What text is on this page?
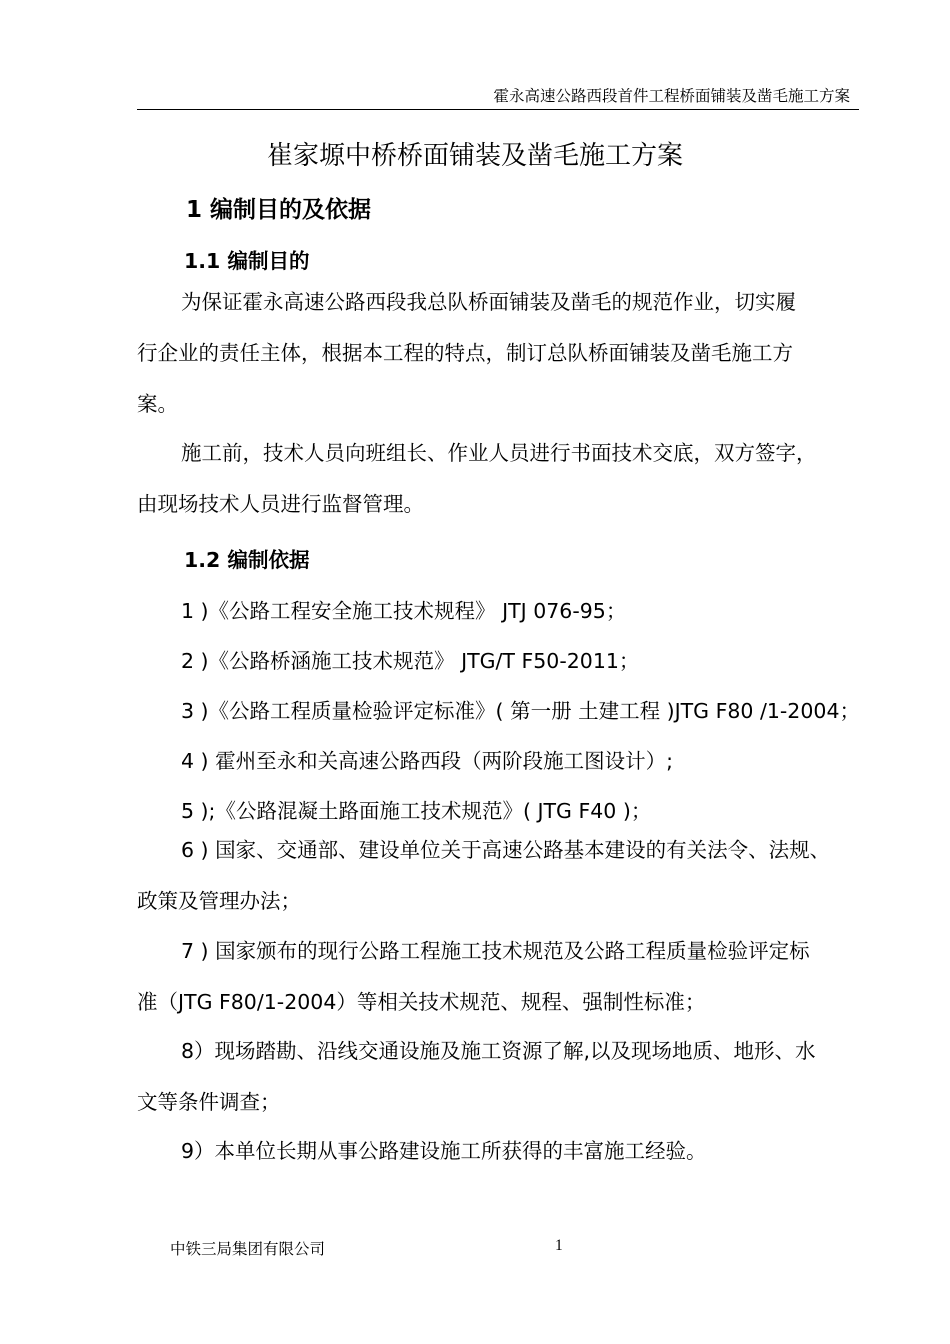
霍永高速公路西段首件工程桥面铺装及凿毛施工方案
崔家塬中桥桥面铺装及凿毛施工方案
1 编制目的及依据
1.1 编制目的
为保证霍永高速公路西段我总队桥面铺装及凿毛的规范作业，切实履
行企业的责任主体，根据本工程的特点，制订总队桥面铺装及凿毛施工方
案。
施工前，技术人员向班组长、作业人员进行书面技术交底，双方签字，
由现场技术人员进行监督管理。
1.2 编制依据
1 )《公路工程安全施工技术规程》 JTJ 076-95；
2 )《公路桥涵施工技术规范》 JTG/T F50-2011；
3 )《公路工程质量检验评定标准》( 第一册 土建工程 )JTG F80 /1-2004；
4 ) 霍州至永和关高速公路西段（两阶段施工图设计）;
5 );《公路混凝土路面施工技术规范》( JTG F40 )；
6 ) 国家、交通部、建设单位关于高速公路基本建设的有关法令、法规、
政策及管理办法；
7 ) 国家颁布的现行公路工程施工技术规范及公路工程质量检验评定标
准（JTG F80/1-2004）等相关技术规范、规程、强制性标准；
8）现场踏勘、沿线交通设施及施工资源了解,以及现场地质、地形、水
文等条件调查；
9）本单位长期从事公路建设施工所获得的丰富施工经验。
中铁三局集团有限公司	1
